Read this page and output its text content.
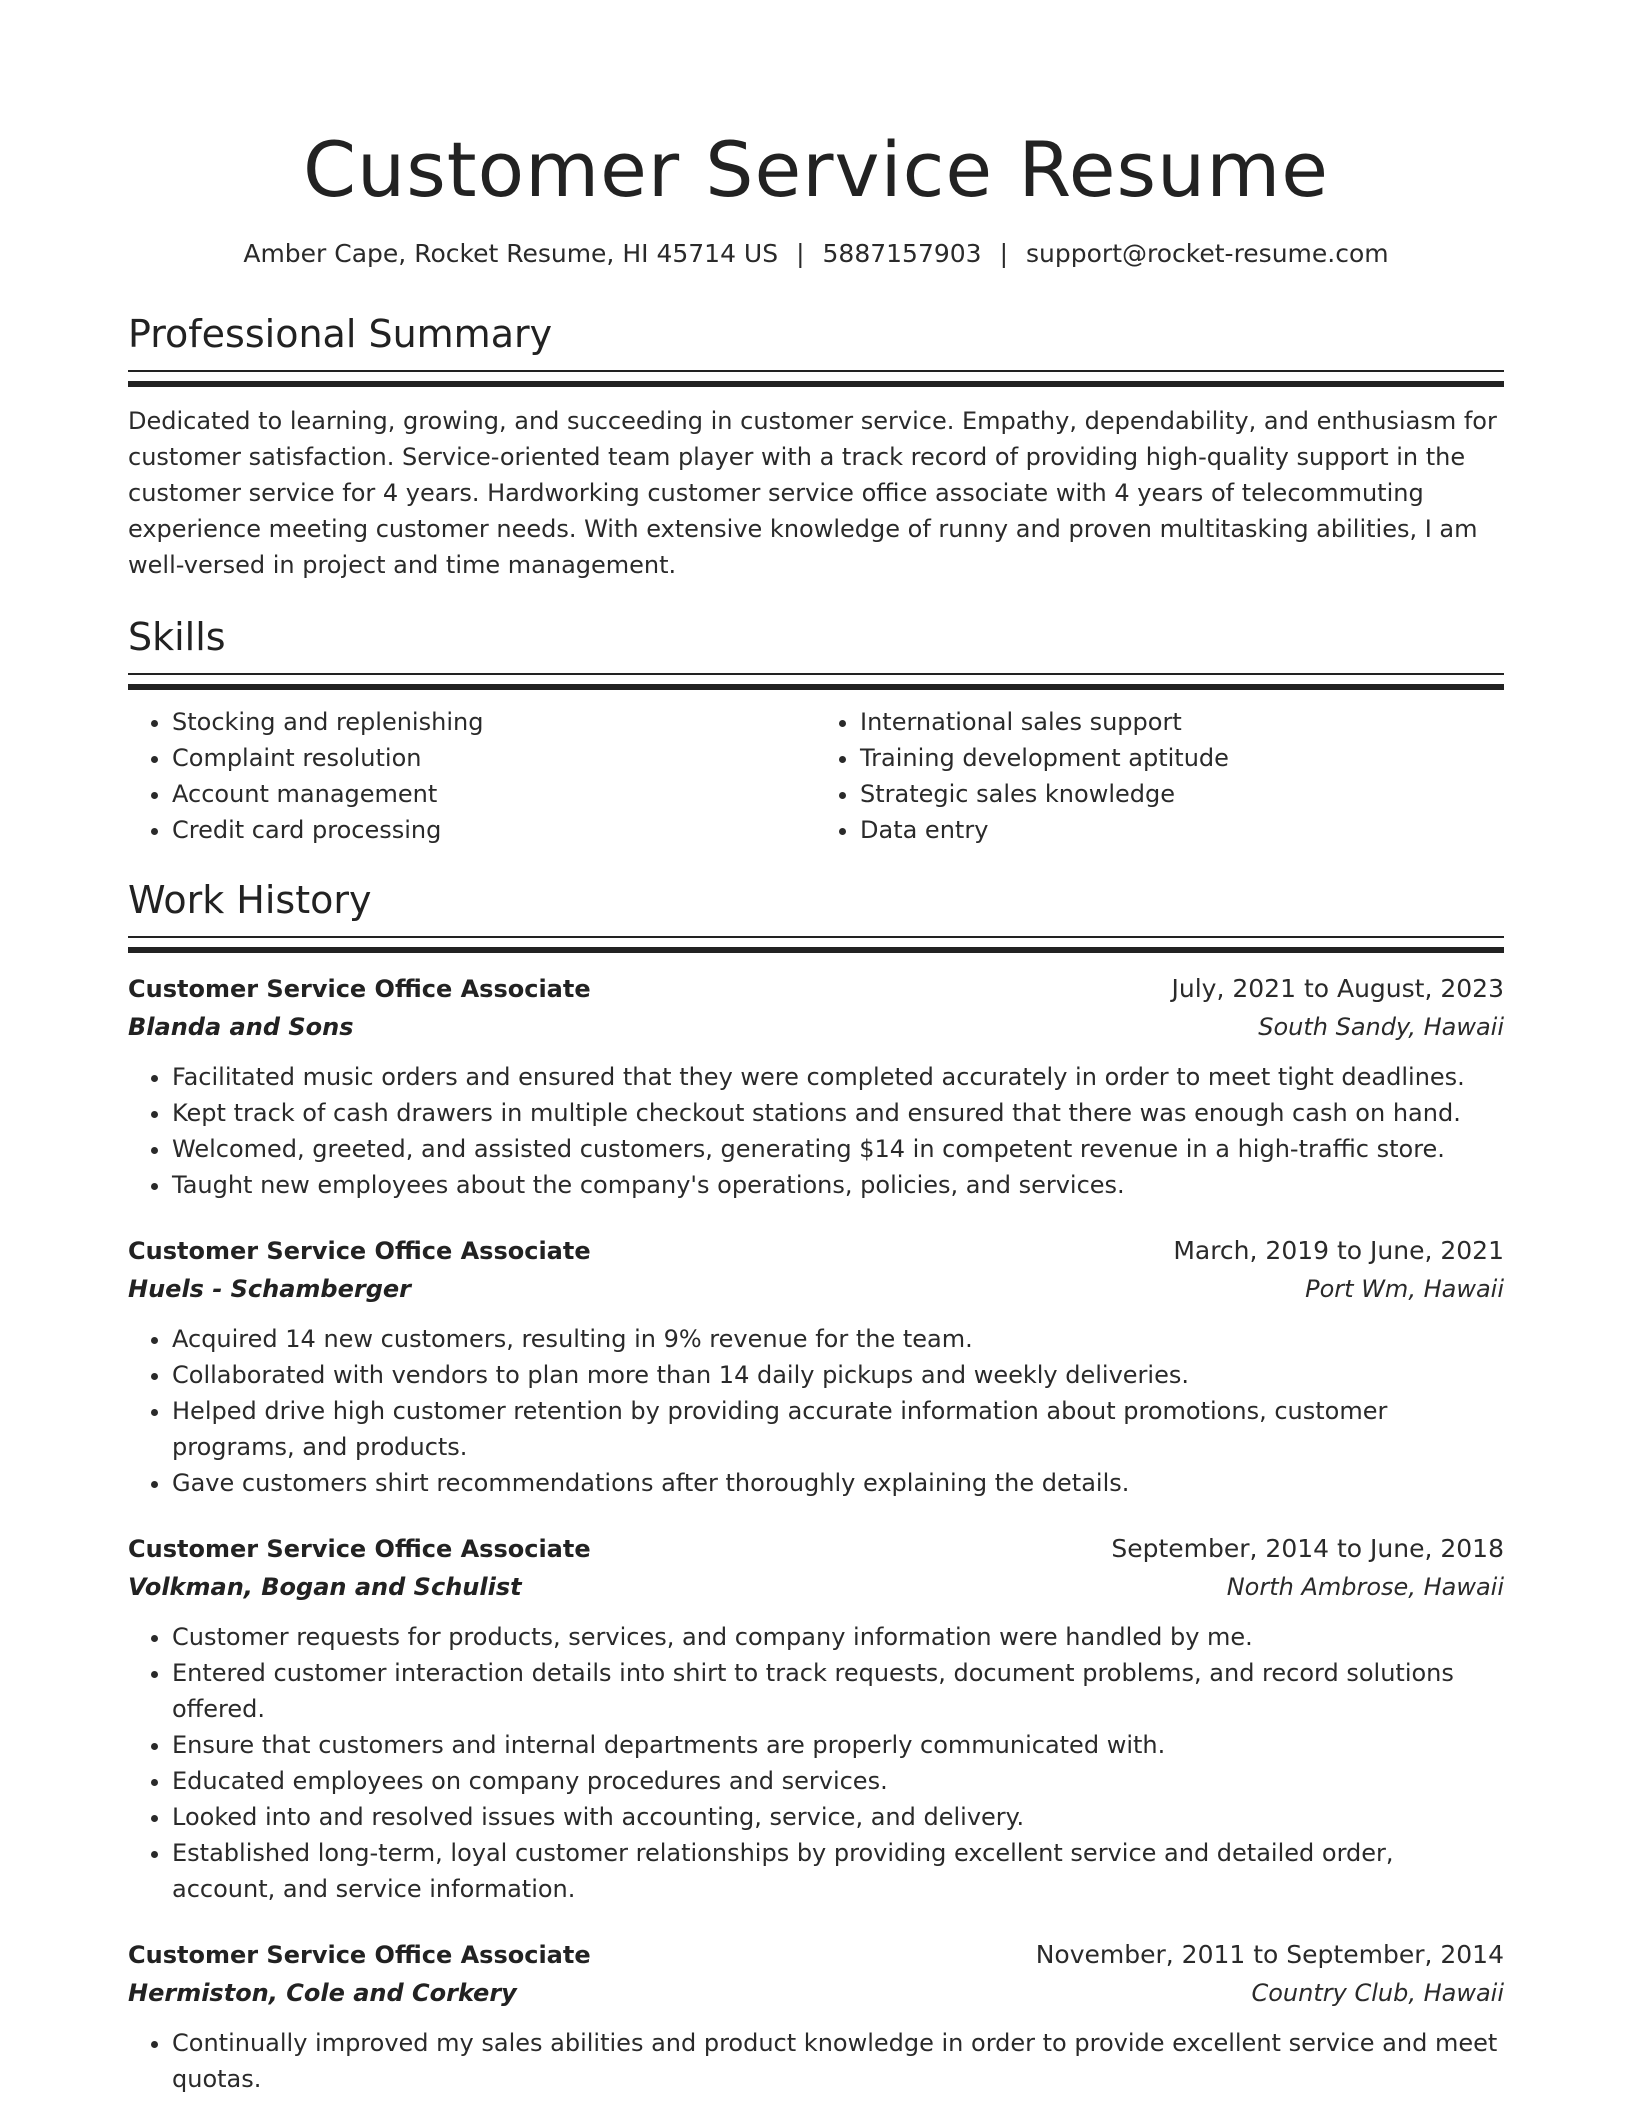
Customer Service Resume
Amber Cape, Rocket Resume, HI 45714 US | 5887157903 | support@rocket-resume.com
Professional Summary

Dedicated to learning, growing, and succeeding in customer service. Empathy, dependability, and enthusiasm for customer satisfaction. Service-oriented team player with a track record of providing high-quality support in the customer service for 4 years. Hardworking customer service office associate with 4 years of telecommuting experience meeting customer needs. With extensive knowledge of runny and proven multitasking abilities, I am well-versed in project and time management.

Skills
• Stocking and replenishing
• Complaint resolution
• Account management
• Credit card processing
• International sales support
• Training development aptitude
• Strategic sales knowledge
• Data entry
Work History
Customer Service Office Associate	July, 2021 to August, 2023
Blanda and Sons	South Sandy, Hawaii
• Facilitated music orders and ensured that they were completed accurately in order to meet tight deadlines.
• Kept track of cash drawers in multiple checkout stations and ensured that there was enough cash on hand.
• Welcomed, greeted, and assisted customers, generating $14 in competent revenue in a high-traffic store.
• Taught new employees about the company's operations, policies, and services.
Customer Service Office Associate	March, 2019 to June, 2021
Huels - Schamberger	Port Wm, Hawaii
• Acquired 14 new customers, resulting in 9% revenue for the team.
• Collaborated with vendors to plan more than 14 daily pickups and weekly deliveries.
• Helped drive high customer retention by providing accurate information about promotions, customer programs, and products.
• Gave customers shirt recommendations after thoroughly explaining the details.
Customer Service Office Associate	September, 2014 to June, 2018
Volkman, Bogan and Schulist	North Ambrose, Hawaii
• Customer requests for products, services, and company information were handled by me.
• Entered customer interaction details into shirt to track requests, document problems, and record solutions offered.
• Ensure that customers and internal departments are properly communicated with.
• Educated employees on company procedures and services.
• Looked into and resolved issues with accounting, service, and delivery.
• Established long-term, loyal customer relationships by providing excellent service and detailed order, account, and service information.
Customer Service Office Associate	November, 2011 to September, 2014
Hermiston, Cole and Corkery	Country Club, Hawaii
• Continually improved my sales abilities and product knowledge in order to provide excellent service and meet quotas.
